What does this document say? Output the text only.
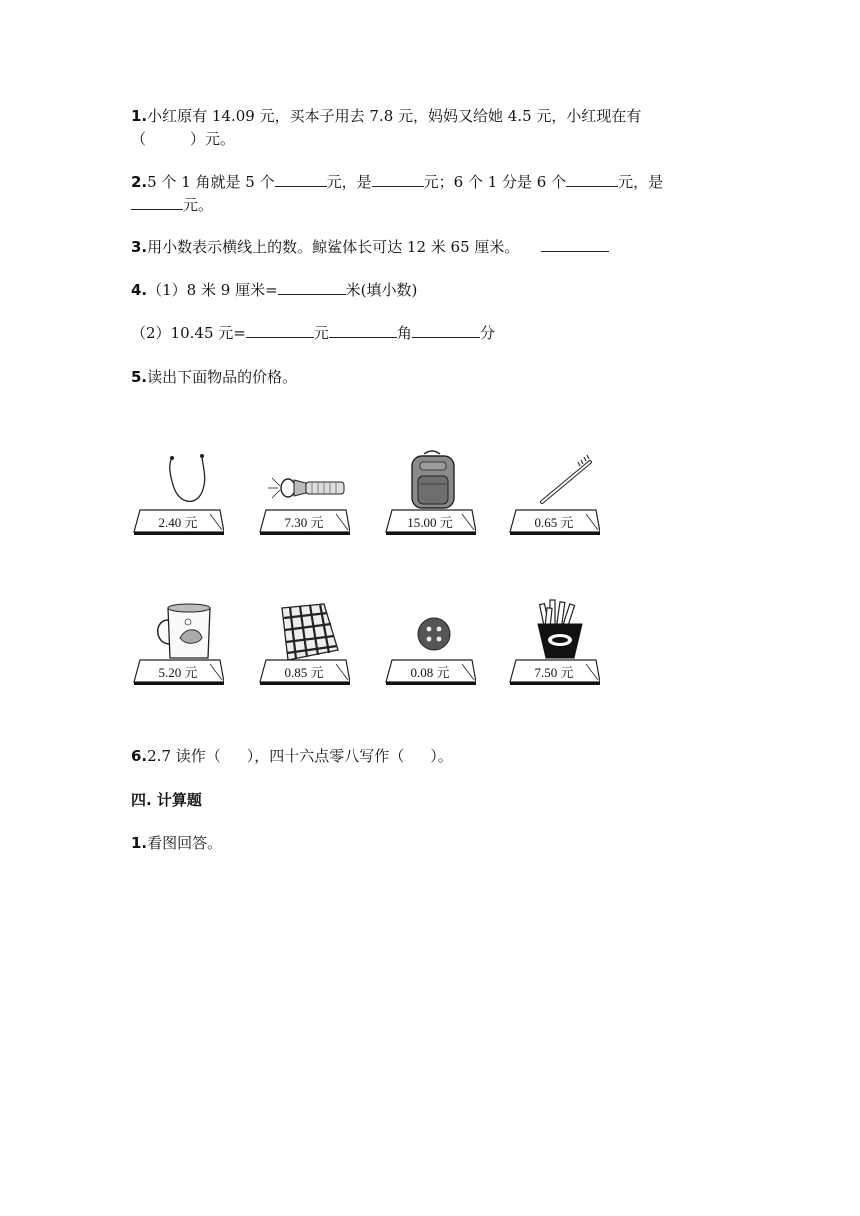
1.小红原有 14.09 元，买本子用去 7.8 元，妈妈又给她 4.5 元，小红现在有
（	）元。
2.5 个 1 角就是 5 个	元，是	元；6 个 1 分是 6 个	元，是
元。
3.用小数表示横线上的数。鲸鲨体长可达 12 米 65 厘米。
4.（1）8 米 9 厘米=	米(填小数)
（2）10.45 元=	元	角	分
5.读出下面物品的价格。
2.40 元	7.30 元	15.00 元	0.65 元
5.20 元	0.85 元	0.08 元	7.50 元
6.2.7 读作（ ），四十六点零八写作（ ）。
四. 计算题
1.看图回答。
